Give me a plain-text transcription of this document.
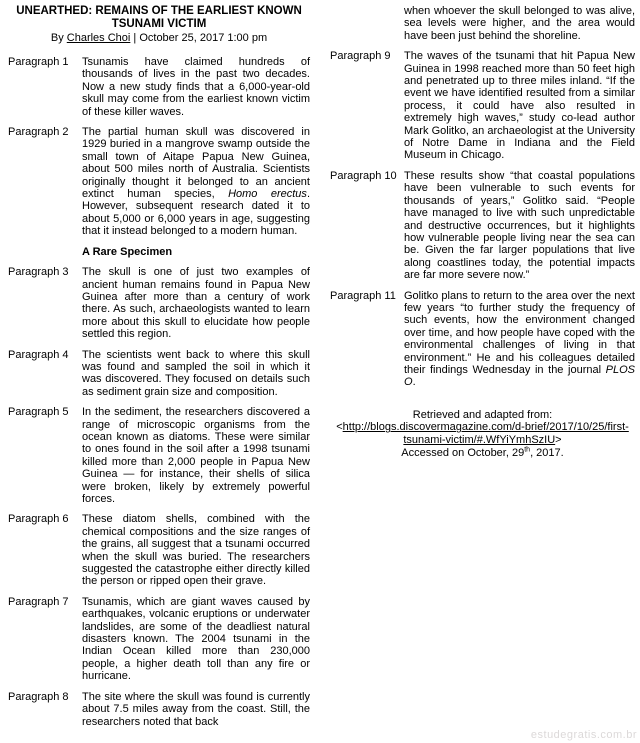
UNEARTHED: REMAINS OF THE EARLIEST KNOWN
TSUNAMI VICTIM
By Charles Choi | October 25, 2017 1:00 pm
Paragraph 1	Tsunamis have claimed hundreds of thousands of lives in the past two decades. Now a new study finds that a 6,000-year-old skull may come from the earliest known victim of these killer waves.
Paragraph 2	The partial human skull was discovered in 1929 buried in a mangrove swamp outside the small town of Aitape Papua New Guinea, about 500 miles north of Australia. Scientists originally thought it belonged to an ancient extinct human species, Homo erectus. However, subsequent research dated it to about 5,000 or 6,000 years in age, suggesting that it instead belonged to a modern human.
A Rare Specimen
Paragraph 3	The skull is one of just two examples of ancient human remains found in Papua New Guinea after more than a century of work there. As such, archaeologists wanted to learn more about this skull to elucidate how people settled this region.
Paragraph 4	The scientists went back to where this skull was found and sampled the soil in which it was discovered. They focused on details such as sediment grain size and composition.
Paragraph 5	In the sediment, the researchers discovered a range of microscopic organisms from the ocean known as diatoms. These were similar to ones found in the soil after a 1998 tsunami killed more than 2,000 people in Papua New Guinea — for instance, their shells of silica were broken, likely by extremely powerful forces.
Paragraph 6	These diatom shells, combined with the chemical compositions and the size ranges of the grains, all suggest that a tsunami occurred when the skull was buried. The researchers suggested the catastrophe either directly killed the person or ripped open their grave.
Paragraph 7	Tsunamis, which are giant waves caused by earthquakes, volcanic eruptions or underwater landslides, are some of the deadliest natural disasters known. The 2004 tsunami in the Indian Ocean killed more than 230,000 people, a higher death toll than any fire or hurricane.
Paragraph 8	The site where the skull was found is currently about 7.5 miles away from the coast. Still, the researchers noted that back
when whoever the skull belonged to was alive, sea levels were higher, and the area would have been just behind the shoreline.
Paragraph 9	The waves of the tsunami that hit Papua New Guinea in 1998 reached more than 50 feet high and penetrated up to three miles inland. “If the event we have identified resulted from a similar process, it could have also resulted in extremely high waves,” study co-lead author Mark Golitko, an archaeologist at the University of Notre Dame in Indiana and the Field Museum in Chicago.
Paragraph 10 These results show “that coastal populations have been vulnerable to such events for thousands of years,” Golitko said. “People have managed to live with such unpredictable and destructive occurrences, but it highlights how vulnerable people living near the sea can be. Given the far larger populations that live along coastlines today, the potential impacts are far more severe now.”
Paragraph 11 Golitko plans to return to the area over the next few years “to further study the frequency of such events, how the environment changed over time, and how people have coped with the environmental challenges of living in that environment.” He and his colleagues detailed their findings Wednesday in the journal PLOS O.
Retrieved and adapted from:
<http://blogs.discovermagazine.com/d-brief/2017/10/25/first-tsunami-victim/#.WfYiYmhSzIU>
Accessed on October, 29th, 2017.
estudegratis.com.br
